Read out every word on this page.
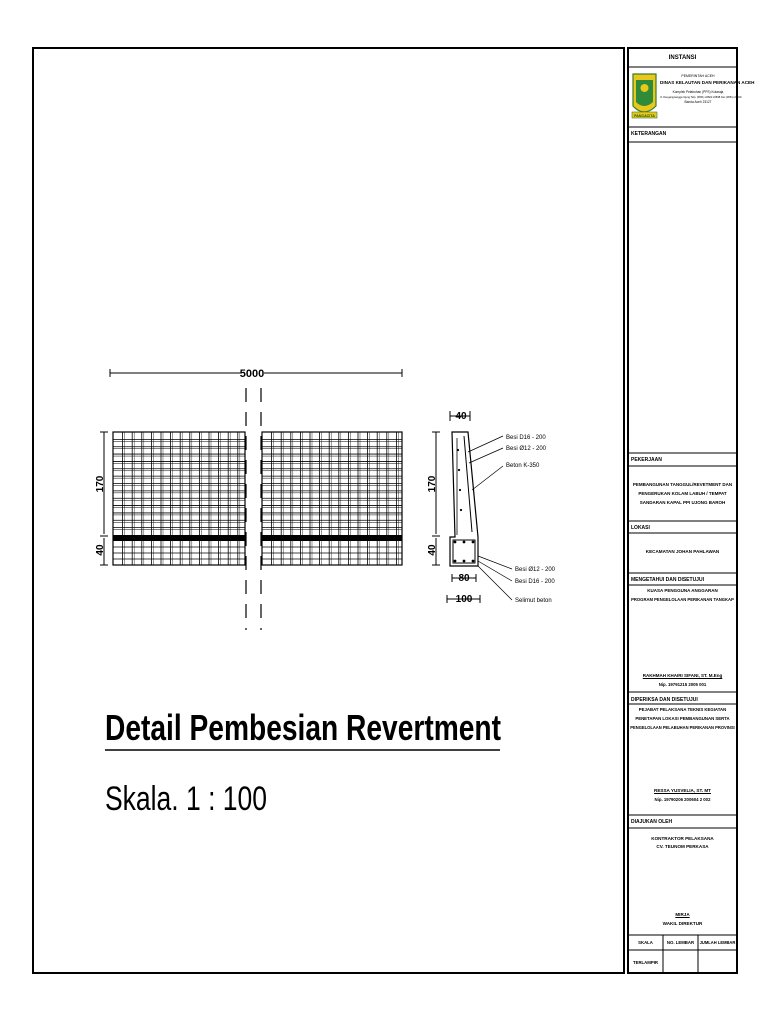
5000
170
40
40
170
40
80
100
Besi D16 - 200
Besi Ø12 - 200
Beton K-350
Besi Ø12 - 200
Besi D16 - 200
Selimut beton
Detail Pembesian Revertment
Skala. 1 : 100
PANCACITA
INSTANSI
PEMERINTAH ACEH
DINAS KELAUTAN DAN PERIKANAN ACEH
Komplek Pelabuhan (PPS) Kutaraja
Jl. Deugangnangga Ujung Telp. (0651) 22822 22838 Fax (0651) 22819
Banda Aceh 23127
KETERANGAN
PEKERJAAN
PEMBANGUNAN TANGGUL/REVETMENT DAN
PENGERUKAN KOLAM LABUH / TEMPAT
SANDARAN KAPAL PPI UJONG BAROH
LOKASI
KECAMATAN JOHAN PAHLAWAN
MENGETAHUI DAN DISETUJUI
KUASA PENGGUNA ANGGARAN
PROGRAM PENGELOLAAN PERIKANAN TANGKAP
RAKHMAH KHAIRI SIFANI, ST. M.Eng
Nip. 19791215 2005 001
DIPERIKSA DAN DISETUJUI
PEJABAT PELAKSANA TEKNIS KEGIATAN
PENETAPAN LOKASI PEMBANGUNAN SERTA
PENGELOLAAN PELABUHAN PERIKANAN PROVINSI
RESSA YUSVELIA, ST. MT
Nip. 19790206 200604 2 002
DIAJUKAN OLEH
KONTRAKTOR PELAKSANA
CV. TEUNOM PERKASA
MIRJA
WAKIL DIREKTUR
SKALA	NO. LEMBAR	JUMLAH LEMBAR
TERLAMPIR
